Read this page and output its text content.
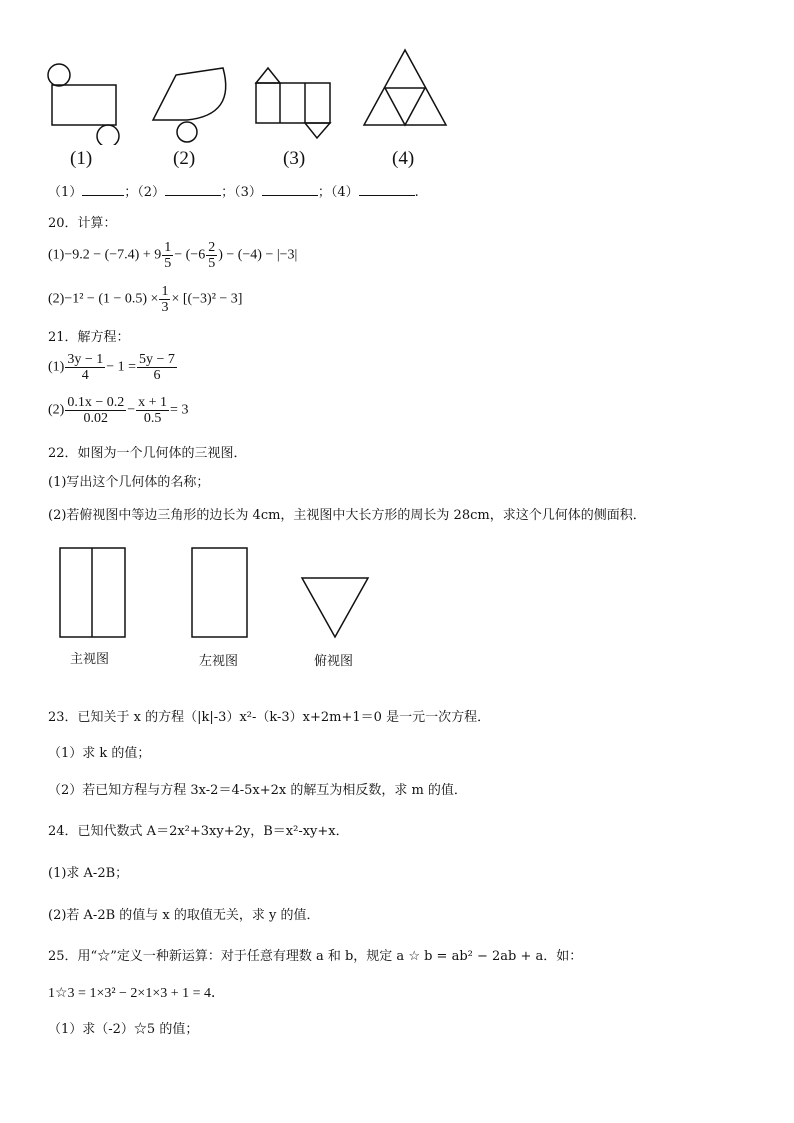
(1)	(2)	(3)	(4)
（1）	；（2）	；（3）	；（4）	.
20．计算：
$(1)-9.2 - (-7.4) + 9 \frac{1}{5} - (-6 \frac{2}{5}$ ) − (−4) − |−3|
$(2)-1^2 - (1 - 0.5) \times \frac{1}{3} \times [(-3)^2 - 3]$
21．解方程：
$(1) \frac{3y - 1}{4} - 1 = \frac{5y - 7}{6}$
$(2) \frac{0.1x - 0.2}{0.02} - \frac{x + 1}{0.5} = 3$
22．如图为一个几何体的三视图．
(1)写出这个几何体的名称；
(2)若俯视图中等边三角形的边长为 4cm，主视图中大长方形的周长为 28cm，求这个几何体的侧面积．
主视图	左视图	俯视图
23．已知关于 x 的方程（|k|-3）x²-（k-3）x+2m+1＝0 是一元一次方程．
（1）求 k 的值；
（2）若已知方程与方程 3x-2＝4-5x+2x 的解互为相反数，求 m 的值．
24．已知代数式 A＝2x²+3xy+2y，B＝x²-xy+x．
(1)求 A-2B；
(2)若 A-2B 的值与 x 的取值无关，求 y 的值．
25．用“☆”定义一种新运算：对于任意有理数 a 和 b，规定 a ☆ b = ab² − 2ab + a．如：
1☆3 = 1×3² − 2×1×3 + 1 = 4．
（1）求（-2）☆5 的值；
